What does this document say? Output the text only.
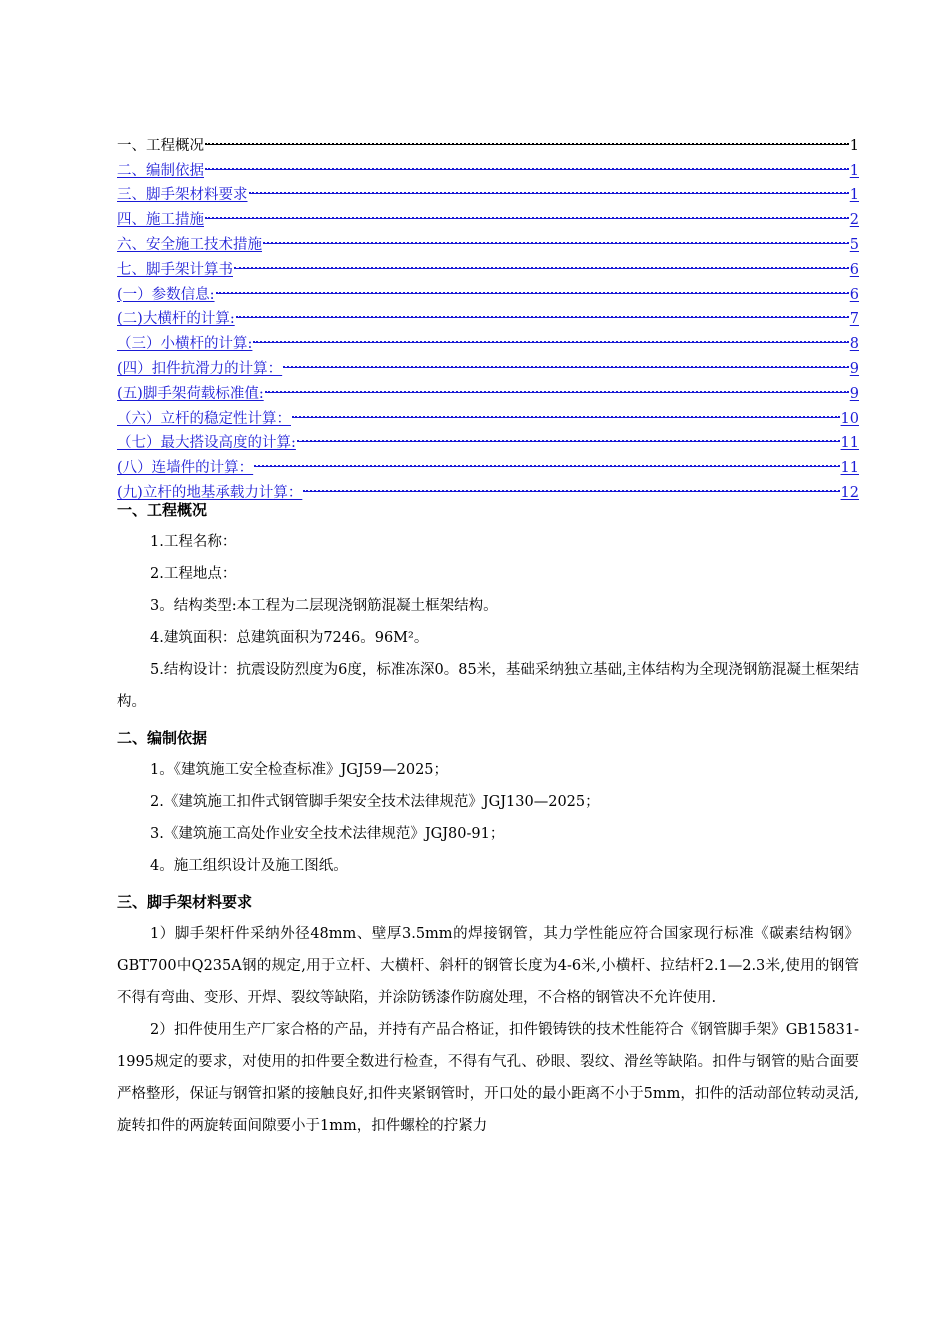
一、工程概况	1
二、编制依据	1
三、脚手架材料要求	1
四、施工措施	2
六、安全施工技术措施	5
七、脚手架计算书	6
(一）参数信息:	6
(二)大横杆的计算:	7
（三）小横杆的计算:	8
(四）扣件抗滑力的计算：	9
(五)脚手架荷载标准值:	9
（六）立杆的稳定性计算：	10
（七）最大搭设高度的计算:	11
(八）连墙件的计算：	11
(九)立杆的地基承载力计算：	12

一、工程概况

1.工程名称：

2.工程地点：

3。结构类型:本工程为二层现浇钢筋混凝土框架结构。

4.建筑面积：总建筑面积为7246。96M²。

5.结构设计：抗震设防烈度为6度，标准冻深0。85米，基础采纳独立基础,主体结构为全现浇钢筋混凝土框架结构。

二、编制依据

1。《建筑施工安全检查标准》JGJ59—2025；

2.《建筑施工扣件式钢管脚手架安全技术法律规范》JGJ130—2025；

3.《建筑施工高处作业安全技术法律规范》JGJ80-91；

4。施工组织设计及施工图纸。

三、脚手架材料要求

1）脚手架杆件采纳外径48mm、壁厚3.5mm的焊接钢管，其力学性能应符合国家现行标准《碳素结构钢》GBT700中Q235A钢的规定,用于立杆、大横杆、斜杆的钢管长度为4-6米,小横杆、拉结杆2.1—2.3米,使用的钢管不得有弯曲、变形、开焊、裂纹等缺陷，并涂防锈漆作防腐处理，不合格的钢管决不允许使用.

2）扣件使用生产厂家合格的产品，并持有产品合格证，扣件锻铸铁的技术性能符合《钢管脚手架》GB15831-1995规定的要求，对使用的扣件要全数进行检查，不得有气孔、砂眼、裂纹、滑丝等缺陷。扣件与钢管的贴合面要严格整形，保证与钢管扣紧的接触良好,扣件夹紧钢管时，开口处的最小距离不小于5mm，扣件的活动部位转动灵活,旋转扣件的两旋转面间隙要小于1mm，扣件螺栓的拧紧力
